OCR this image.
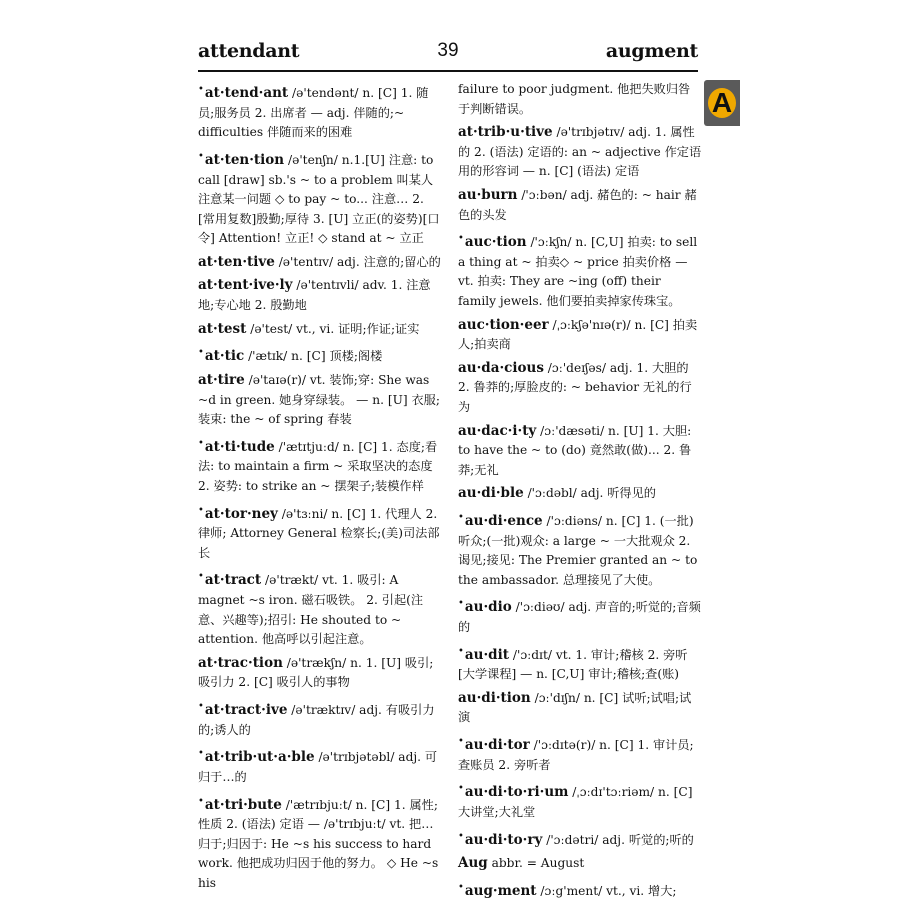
attendant	39	augment
A
•at·tend·ant /ə'tendənt/ n. [C] 1. 随员;服务员 2. 出席者 — adj. 伴随的;~ difficulties 伴随而来的困难
•at·ten·tion /ə'tenʃn/ n.1.[U] 注意: to call [draw] sb.'s ~ to a problem 叫某人注意某一问题 ◇ to pay ~ to... 注意… 2. [常用复数]殷勤;厚待 3. [U] 立正(的姿势)[口令] Attention! 立正! ◇ stand at ~ 立正
at·ten·tive /ə'tentɪv/ adj. 注意的;留心的
at·tent·ive·ly /ə'tentɪvli/ adv. 1. 注意地;专心地 2. 殷勤地
at·test /ə'test/ vt., vi. 证明;作证;证实
•at·tic /'ætɪk/ n. [C] 顶楼;阁楼
at·tire /ə'taɪə(r)/ vt. 装饰;穿: She was ~d in green. 她身穿绿装。 — n. [U] 衣服;装束: the ~ of spring 春装
•at·ti·tude /'ætɪtjuːd/ n. [C] 1. 态度;看法: to maintain a firm ~ 采取坚决的态度 2. 姿势: to strike an ~ 摆架子;装模作样
•at·tor·ney /ə'tɜːni/ n. [C] 1. 代理人 2. 律师; Attorney General 检察长;(美)司法部长
•at·tract /ə'trækt/ vt. 1. 吸引: A magnet ~s iron. 磁石吸铁。 2. 引起(注意、兴趣等);招引: He shouted to ~ attention. 他高呼以引起注意。
at·trac·tion /ə'trækʃn/ n. 1. [U] 吸引;吸引力 2. [C] 吸引人的事物
•at·tract·ive /ə'træktɪv/ adj. 有吸引力的;诱人的
•at·trib·ut·a·ble /ə'trɪbjətəbl/ adj. 可归于…的
•at·tri·bute /'ætrɪbjuːt/ n. [C] 1. 属性;性质 2. (语法) 定语 — /ə'trɪbjuːt/ vt. 把…归于;归因于: He ~s his success to hard work. 他把成功归因于他的努力。 ◇ He ~s his
failure to poor judgment. 他把失败归咎于判断错误。
at·trib·u·tive /ə'trɪbjətɪv/ adj. 1. 属性的 2. (语法) 定语的: an ~ adjective 作定语用的形容词 — n. [C] (语法) 定语
au·burn /'ɔːbən/ adj. 赭色的: ~ hair 赭色的头发
•auc·tion /'ɔːkʃn/ n. [C,U] 拍卖: to sell a thing at ~ 拍卖◇ ~ price 拍卖价格 — vt. 拍卖: They are ~ing (off) their family jewels. 他们要拍卖掉家传珠宝。
auc·tion·eer /ˌɔːkʃə'nɪə(r)/ n. [C] 拍卖人;拍卖商
au·da·cious /ɔː'deɪʃəs/ adj. 1. 大胆的 2. 鲁莽的;厚脸皮的: ~ behavior 无礼的行为
au·dac·i·ty /ɔː'dæsəti/ n. [U] 1. 大胆: to have the ~ to (do) 竟然敢(做)... 2. 鲁莽;无礼
au·di·ble /'ɔːdəbl/ adj. 听得见的
•au·di·ence /'ɔːdiəns/ n. [C] 1. (一批)听众;(一批)观众: a large ~ 一大批观众 2. 谒见;接见: The Premier granted an ~ to the ambassador. 总理接见了大使。
•au·dio /'ɔːdiəʊ/ adj. 声音的;听觉的;音频的
•au·dit /'ɔːdɪt/ vt. 1. 审计;稽核 2. 旁听[大学课程] — n. [C,U] 审计;稽核;查(账)
au·di·tion /ɔː'dɪʃn/ n. [C] 试听;试唱;试演
•au·di·tor /'ɔːdɪtə(r)/ n. [C] 1. 审计员;查账员 2. 旁听者
•au·di·to·ri·um /ˌɔːdɪ'tɔːriəm/ n. [C] 大讲堂;大礼堂
•au·di·to·ry /'ɔːdətri/ adj. 听觉的;听的
Aug abbr. = August
•aug·ment /ɔːg'ment/ vt., vi. 增大;
